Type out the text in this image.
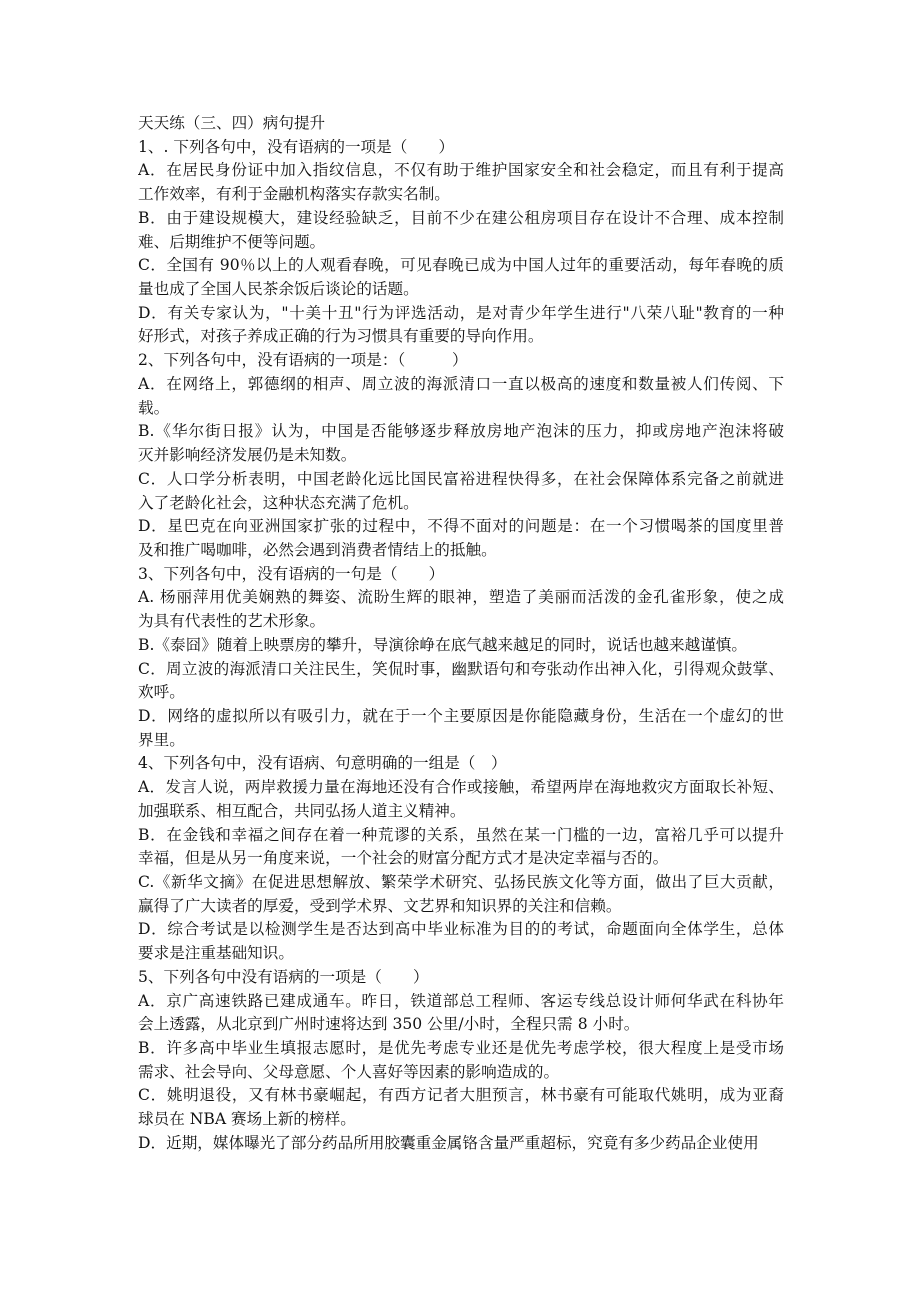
天天练（三、四）病句提升
1、. 下列各句中，没有语病的一项是（　　）
A．在居民身份证中加入指纹信息，不仅有助于维护国家安全和社会稳定，而且有利于提高
工作效率，有利于金融机构落实存款实名制。
B．由于建设规模大，建设经验缺乏，目前不少在建公租房项目存在设计不合理、成本控制
难、后期维护不便等问题。
C．全国有 90％以上的人观看春晚，可见春晚已成为中国人过年的重要活动，每年春晚的质
量也成了全国人民茶余饭后谈论的话题。
D．有关专家认为，"十美十丑"行为评选活动，是对青少年学生进行"八荣八耻"教育的一种
好形式，对孩子养成正确的行为习惯具有重要的导向作用。
2、下列各句中，没有语病的一项是：（　　　）
A．在网络上，郭德纲的相声、周立波的海派清口一直以极高的速度和数量被人们传阅、下
载。
B.《华尔街日报》认为，中国是否能够逐步释放房地产泡沫的压力，抑或房地产泡沫将破
灭并影响经济发展仍是未知数。
C．人口学分析表明，中国老龄化远比国民富裕进程快得多，在社会保障体系完备之前就进
入了老龄化社会，这种状态充满了危机。
D．星巴克在向亚洲国家扩张的过程中，不得不面对的问题是：在一个习惯喝茶的国度里普
及和推广喝咖啡，必然会遇到消费者情结上的抵触。
3、下列各句中，没有语病的一句是（　　）
A. 杨丽萍用优美娴熟的舞姿、流盼生辉的眼神，塑造了美丽而活泼的金孔雀形象，使之成
为具有代表性的艺术形象。
B.《泰囧》随着上映票房的攀升，导演徐峥在底气越来越足的同时，说话也越来越谨慎。
C．周立波的海派清口关注民生，笑侃时事，幽默语句和夸张动作出神入化，引得观众鼓掌、
欢呼。
D．网络的虚拟所以有吸引力，就在于一个主要原因是你能隐藏身份，生活在一个虚幻的世
界里。
4、下列各句中，没有语病、句意明确的一组是（　）
A．发言人说，两岸救援力量在海地还没有合作或接触，希望两岸在海地救灾方面取长补短、
加强联系、相互配合，共同弘扬人道主义精神。
B．在金钱和幸福之间存在着一种荒谬的关系，虽然在某一门槛的一边，富裕几乎可以提升
幸福，但是从另一角度来说，一个社会的财富分配方式才是决定幸福与否的。
C.《新华文摘》在促进思想解放、繁荣学术研究、弘扬民族文化等方面，做出了巨大贡献，
赢得了广大读者的厚爱，受到学术界、文艺界和知识界的关注和信赖。
D．综合考试是以检测学生是否达到高中毕业标准为目的的考试，命题面向全体学生，总体
要求是注重基础知识。
5、下列各句中没有语病的一项是（　　）
A．京广高速铁路已建成通车。昨日，铁道部总工程师、客运专线总设计师何华武在科协年
会上透露，从北京到广州时速将达到 350 公里/小时，全程只需 8 小时。
B．许多高中毕业生填报志愿时，是优先考虑专业还是优先考虑学校，很大程度上是受市场
需求、社会导向、父母意愿、个人喜好等因素的影响造成的。
C．姚明退役，又有林书豪崛起，有西方记者大胆预言，林书豪有可能取代姚明，成为亚裔
球员在 NBA 赛场上新的榜样。
D．近期，媒体曝光了部分药品所用胶囊重金属铬含量严重超标，究竟有多少药品企业使用
